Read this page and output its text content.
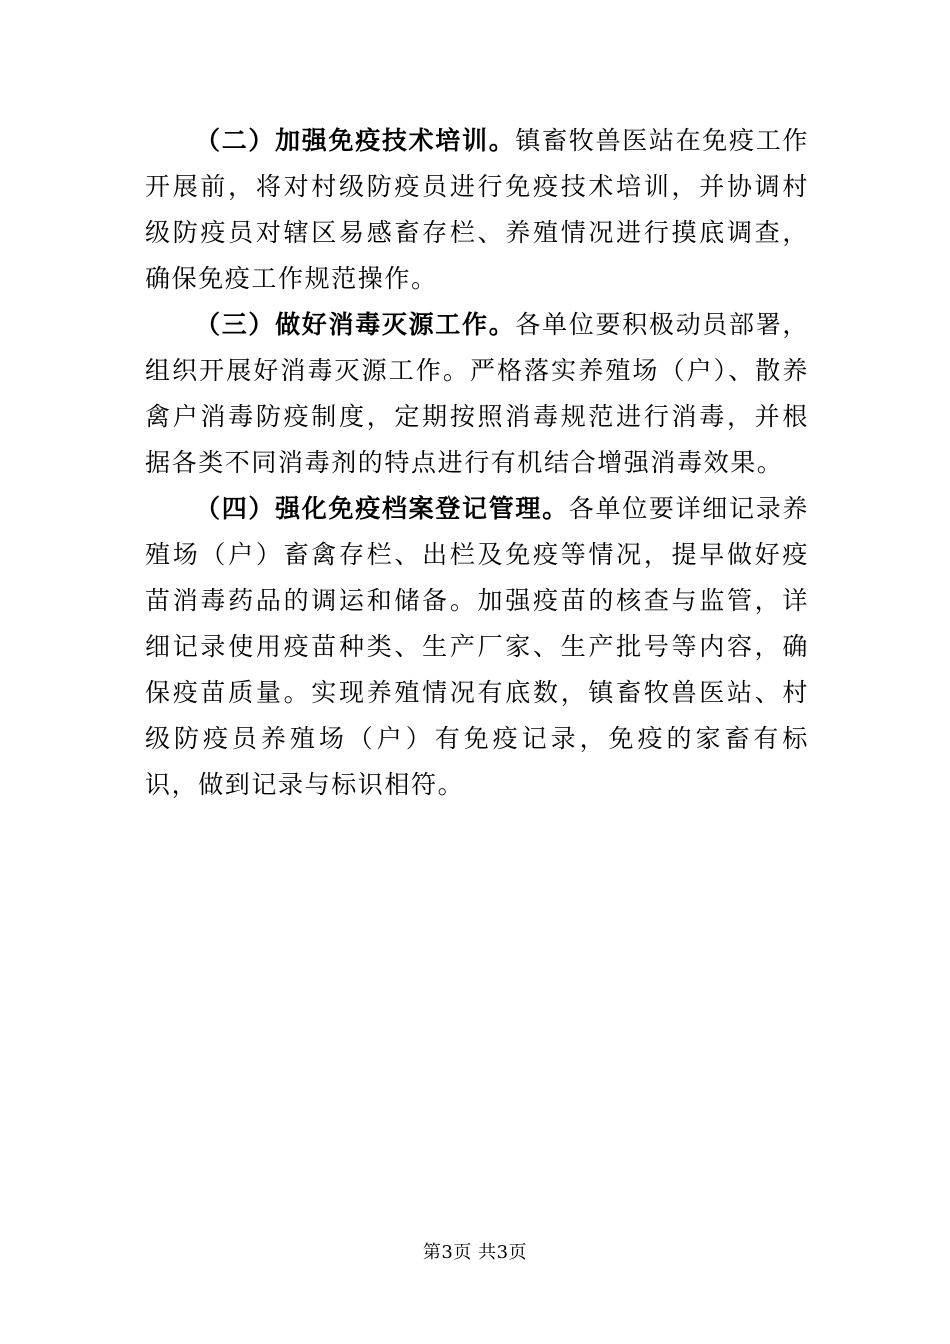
（二）加强免疫技术培训。镇畜牧兽医站在免疫工作开展前，将对村级防疫员进行免疫技术培训，并协调村级防疫员对辖区易感畜存栏、养殖情况进行摸底调查，确保免疫工作规范操作。

（三）做好消毒灭源工作。各单位要积极动员部署，组织开展好消毒灭源工作。严格落实养殖场（户）、散养禽户消毒防疫制度，定期按照消毒规范进行消毒，并根据各类不同消毒剂的特点进行有机结合增强消毒效果。

（四）强化免疫档案登记管理。各单位要详细记录养殖场（户）畜禽存栏、出栏及免疫等情况，提早做好疫苗消毒药品的调运和储备。加强疫苗的核查与监管，详细记录使用疫苗种类、生产厂家、生产批号等内容，确保疫苗质量。实现养殖情况有底数，镇畜牧兽医站、村级防疫员养殖场（户）有免疫记录，免疫的家畜有标识，做到记录与标识相符。

第3页 共3页
